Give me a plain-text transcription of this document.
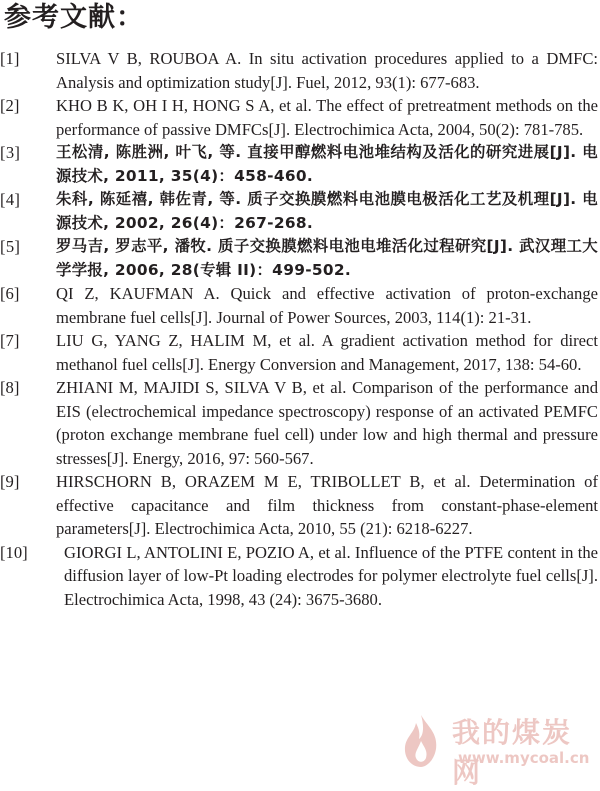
参考文献：
[1] SILVA V B, ROUBOA A. In situ activation procedures applied to a DMFC: Analysis and optimization study[J]. Fuel, 2012, 93(1): 677-683.
[2] KHO B K, OH I H, HONG S A, et al. The effect of pretreatment methods on the performance of passive DMFCs[J]. Electrochimica Acta, 2004, 50(2): 781-785.
[3] 王松清, 陈胜洲, 叶飞, 等. 直接甲醇燃料电池堆结构及活化的研究进展[J]. 电源技术, 2011, 35(4)：458-460.
[4] 朱科, 陈延禧, 韩佐青, 等. 质子交换膜燃料电池膜电极活化工艺及机理[J]. 电源技术, 2002, 26(4)：267-268.
[5] 罗马吉, 罗志平, 潘牧. 质子交换膜燃料电池电堆活化过程研究[J]. 武汉理工大学学报, 2006, 28(专辑 II)：499-502.
[6] QI Z, KAUFMAN A. Quick and effective activation of proton-exchange membrane fuel cells[J]. Journal of Power Sources, 2003, 114(1): 21-31.
[7] LIU G, YANG Z, HALIM M, et al. A gradient activation method for direct methanol fuel cells[J]. Energy Conversion and Management, 2017, 138: 54-60.
[8] ZHIANI M, MAJIDI S, SILVA V B, et al. Comparison of the performance and EIS (electrochemical impedance spectroscopy) response of an activated PEMFC (proton exchange membrane fuel cell) under low and high thermal and pressure stresses[J]. Energy, 2016, 97: 560-567.
[9] HIRSCHORN B, ORAZEM M E, TRIBOLLET B, et al. Determination of effective capacitance and film thickness from constant-phase-element parameters[J]. Electrochimica Acta, 2010, 55 (21): 6218-6227.
[10] GIORGI L, ANTOLINI E, POZIO A, et al. Influence of the PTFE content in the diffusion layer of low-Pt loading electrodes for polymer electrolyte fuel cells[J]. Electrochimica Acta, 1998, 43 (24): 3675-3680.
我的煤炭网
www.mycoal.cn
